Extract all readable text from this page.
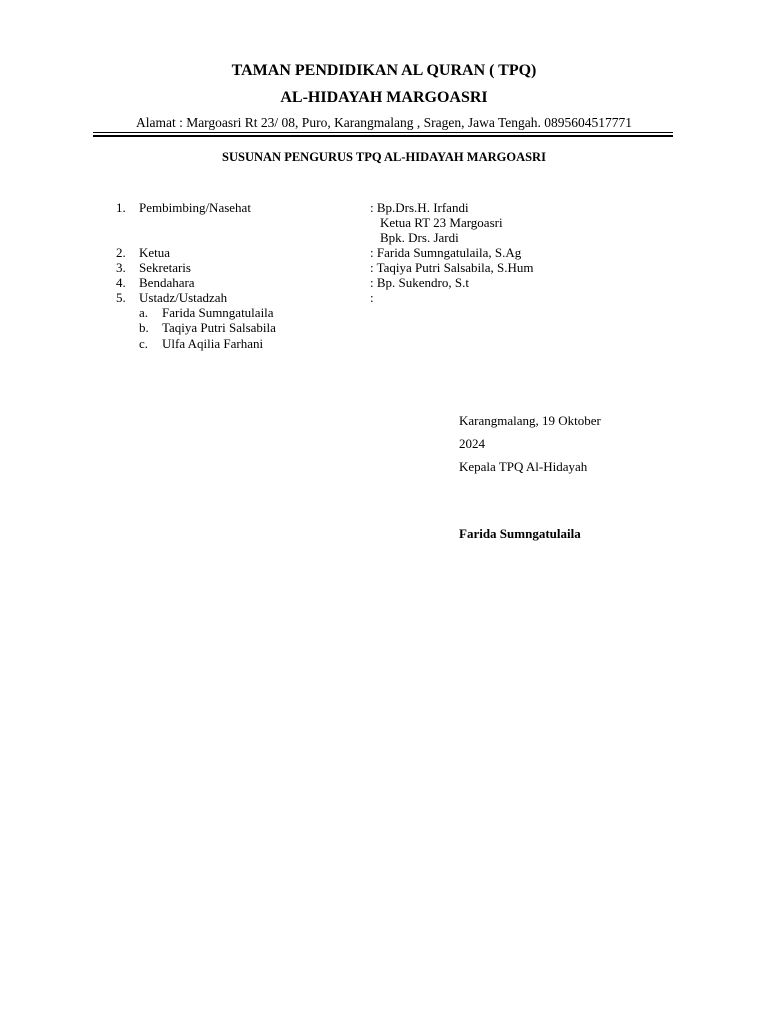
TAMAN PENDIDIKAN AL QURAN ( TPQ)
AL-HIDAYAH MARGOASRI
Alamat : Margoasri Rt 23/ 08, Puro, Karangmalang , Sragen, Jawa Tengah. 0895604517771
SUSUNAN PENGURUS TPQ AL-HIDAYAH MARGOASRI
1. Pembimbing/Nasehat	: Bp.Drs.H. Irfandi
Ketua RT 23 Margoasri
Bpk. Drs. Jardi
2. Ketua	: Farida Sumngatulaila, S.Ag
3. Sekretaris	: Taqiya Putri Salsabila, S.Hum
4. Bendahara	: Bp. Sukendro, S.t
5. Ustadz/Ustadzah	:
a. Farida Sumngatulaila
b. Taqiya Putri Salsabila
c. Ulfa Aqilia Farhani
Karangmalang, 19 Oktober
2024
Kepala TPQ Al-Hidayah
Farida Sumngatulaila
